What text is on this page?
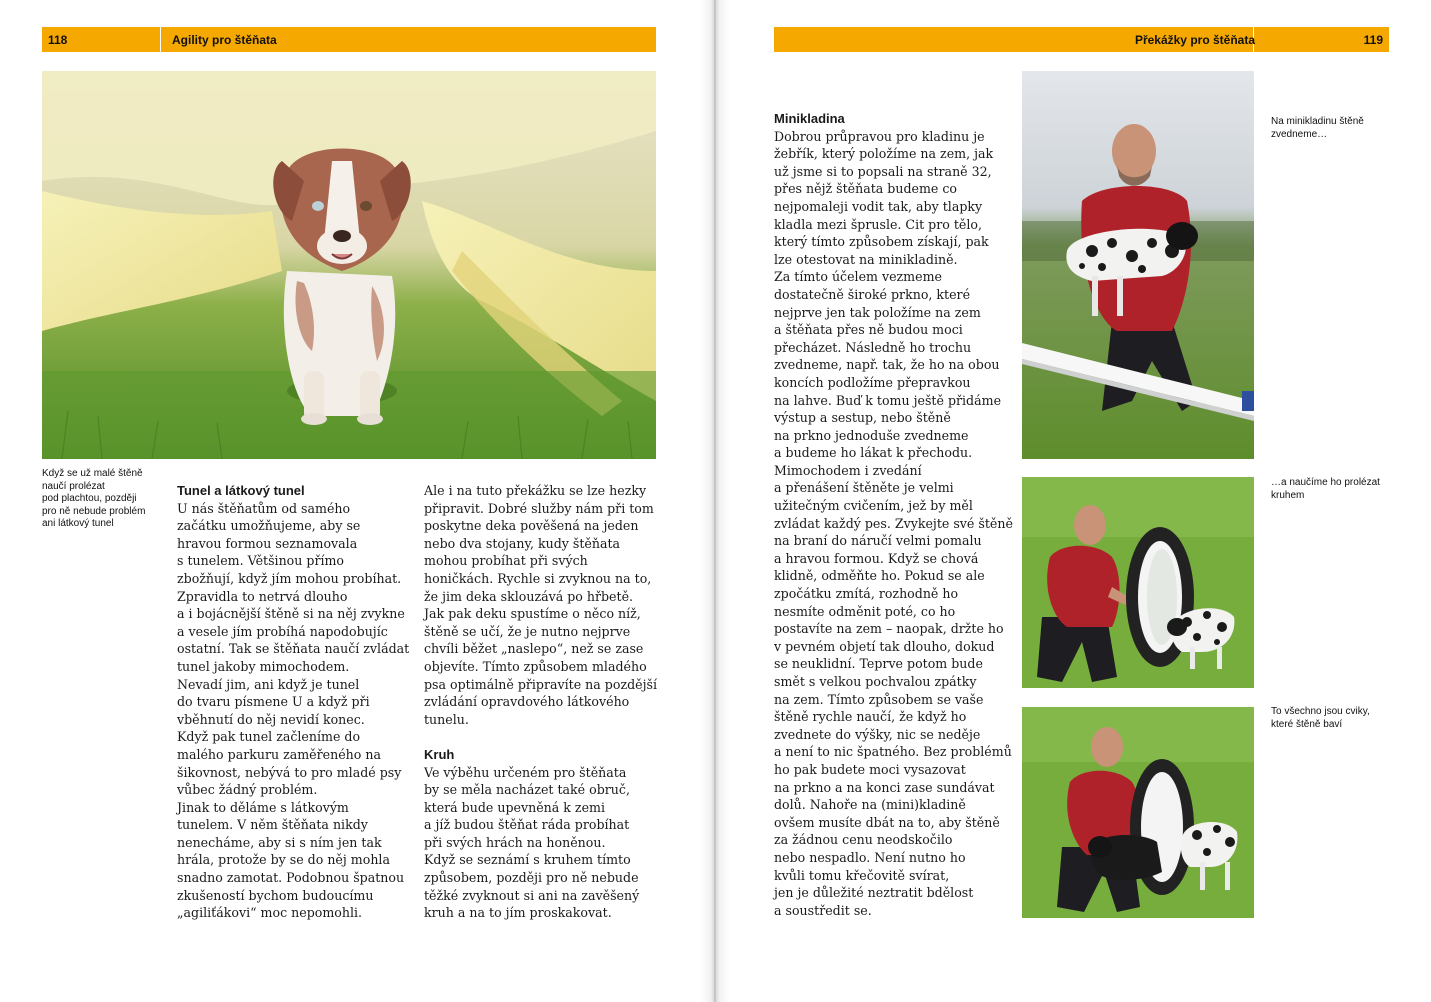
118	Agility pro štěňata	Překážky pro štěňata	119
Když se už malé štěně
naučí prolézat
pod plachtou, později
pro ně nebude problém
ani látkový tunel
Tunel a látkový tunel
U nás štěňatům od samého
začátku umožňujeme, aby se
hravou formou seznamovala
s tunelem. Většinou přímo
zbožňují, když jím mohou probíhat.
Zpravidla to netrvá dlouho
a i bojácnější štěně si na něj zvykne
a vesele jím probíhá napodobujíc
ostatní. Tak se štěňata naučí zvládat
tunel jakoby mimochodem.
Nevadí jim, ani když je tunel
do tvaru písmene U a když při
vběhnutí do něj nevidí konec.
Když pak tunel začleníme do
malého parkuru zaměřeného na
šikovnost, nebývá to pro mladé psy
vůbec žádný problém.
Jinak to děláme s látkovým
tunelem. V něm štěňata nikdy
nenecháme, aby si s ním jen tak
hrála, protože by se do něj mohla
snadno zamotat. Podobnou špatnou
zkušeností bychom budoucímu
„agiliťákovi“ moc nepomohli.
Ale i na tuto překážku se lze hezky
připravit. Dobré služby nám při tom
poskytne deka pověšená na jeden
nebo dva stojany, kudy štěňata
mohou probíhat při svých
honičkách. Rychle si zvyknou na to,
že jim deka sklouzává po hřbetě.
Jak pak deku spustíme o něco níž,
štěně se učí, že je nutno nejprve
chvíli běžet „naslepo“, než se zase
objevíte. Tímto způsobem mladého
psa optimálně připravíte na pozdější
zvládání opravdového látkového
tunelu.
Kruh
Ve výběhu určeném pro štěňata
by se měla nacházet také obruč,
která bude upevněná k zemi
a jíž budou štěňat ráda probíhat
při svých hrách na honěnou.
Když se seznámí s kruhem tímto
způsobem, později pro ně nebude
těžké zvyknout si ani na zavěšený
kruh a na to jím proskakovat.
Minikladina
Dobrou průpravou pro kladinu je
žebřík, který položíme na zem, jak
už jsme si to popsali na straně 32,
přes nějž štěňata budeme co
nejpomaleji vodit tak, aby tlapky
kladla mezi šprusle. Cit pro tělo,
který tímto způsobem získají, pak
lze otestovat na minikladině.
Za tímto účelem vezmeme
dostatečně široké prkno, které
nejprve jen tak položíme na zem
a štěňata přes ně budou moci
přecházet. Následně ho trochu
zvedneme, např. tak, že ho na obou
koncích podložíme přepravkou
na lahve. Buď k tomu ještě přidáme
výstup a sestup, nebo štěně
na prkno jednoduše zvedneme
a budeme ho lákat k přechodu.
Mimochodem i zvedání
a přenášení štěněte je velmi
užitečným cvičením, jež by měl
zvládat každý pes. Zvykejte své štěně
na braní do náručí velmi pomalu
a hravou formou. Když se chová
klidně, odměňte ho. Pokud se ale
zpočátku zmítá, rozhodně ho
nesmíte odměnit poté, co ho
postavíte na zem – naopak, držte ho
v pevném objetí tak dlouho, dokud
se neuklidní. Teprve potom bude
smět s velkou pochvalou zpátky
na zem. Tímto způsobem se vaše
štěně rychle naučí, že když ho
zvednete do výšky, nic se neděje
a není to nic špatného. Bez problémů
ho pak budete moci vysazovat
na prkno a na konci zase sundávat
dolů. Nahoře na (mini)kladině
ovšem musíte dbát na to, aby štěně
za žádnou cenu neodskočilo
nebo nespadlo. Není nutno ho
kvůli tomu křečovitě svírat,
jen je důležité neztratit bdělost
a soustředit se.
Na minikladinu štěně
zvedneme…
…a naučíme ho prolézat
kruhem
To všechno jsou cviky,
které štěně baví
